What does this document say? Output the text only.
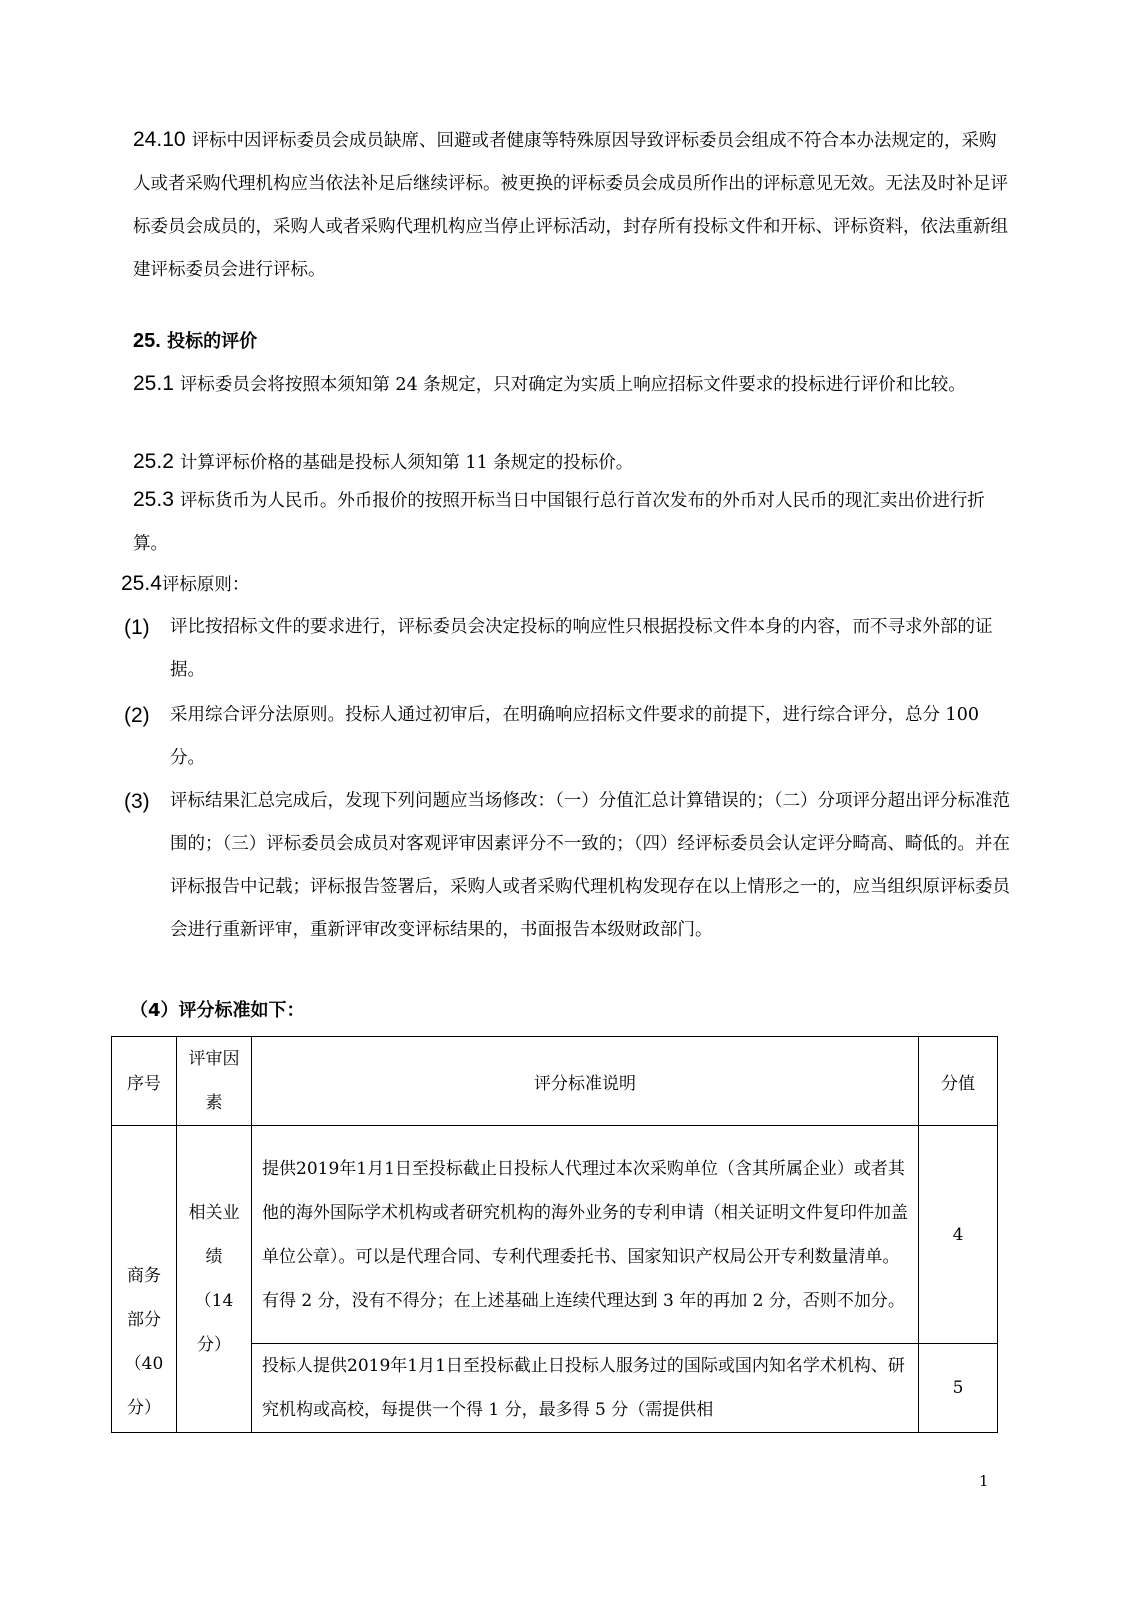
24.10 评标中因评标委员会成员缺席、回避或者健康等特殊原因导致评标委员会组成不符合本办法规定的，采购人或者采购代理机构应当依法补足后继续评标。被更换的评标委员会成员所作出的评标意见无效。无法及时补足评标委员会成员的，采购人或者采购代理机构应当停止评标活动，封存所有投标文件和开标、评标资料，依法重新组建评标委员会进行评标。
25. 投标的评价
25.1 评标委员会将按照本须知第 24 条规定，只对确定为实质上响应招标文件要求的投标进行评价和比较。
25.2 计算评标价格的基础是投标人须知第 11 条规定的投标价。
25.3 评标货币为人民币。外币报价的按照开标当日中国银行总行首次发布的外币对人民币的现汇卖出价进行折算。
25.4评标原则：
(1) 评比按招标文件的要求进行，评标委员会决定投标的响应性只根据投标文件本身的内容，而不寻求外部的证据。
(2) 采用综合评分法原则。投标人通过初审后，在明确响应招标文件要求的前提下，进行综合评分，总分 100 分。
(3) 评标结果汇总完成后，发现下列问题应当场修改：（一）分值汇总计算错误的；（二）分项评分超出评分标准范围的；（三）评标委员会成员对客观评审因素评分不一致的；（四）经评标委员会认定评分畸高、畸低的。并在评标报告中记载；评标报告签署后，采购人或者采购代理机构发现存在以上情形之一的，应当组织原评标委员会进行重新评审，重新评审改变评标结果的，书面报告本级财政部门。
（4）评分标准如下：
序号	评审因素	评分标准说明	分值
商务部分（40分）	相关业绩（14分）	提供2019年1月1日至投标截止日投标人代理过本次采购单位（含其所属企业）或者其他的海外国际学术机构或者研究机构的海外业务的专利申请（相关证明文件复印件加盖单位公章）。可以是代理合同、专利代理委托书、国家知识产权局公开专利数量清单。有得 2 分，没有不得分；在上述基础上连续代理达到 3 年的再加 2 分，否则不加分。	4
		投标人提供2019年1月1日至投标截止日投标人服务过的国际或国内知名学术机构、研究机构或高校，每提供一个得 1 分，最多得 5 分（需提供相	5
1
